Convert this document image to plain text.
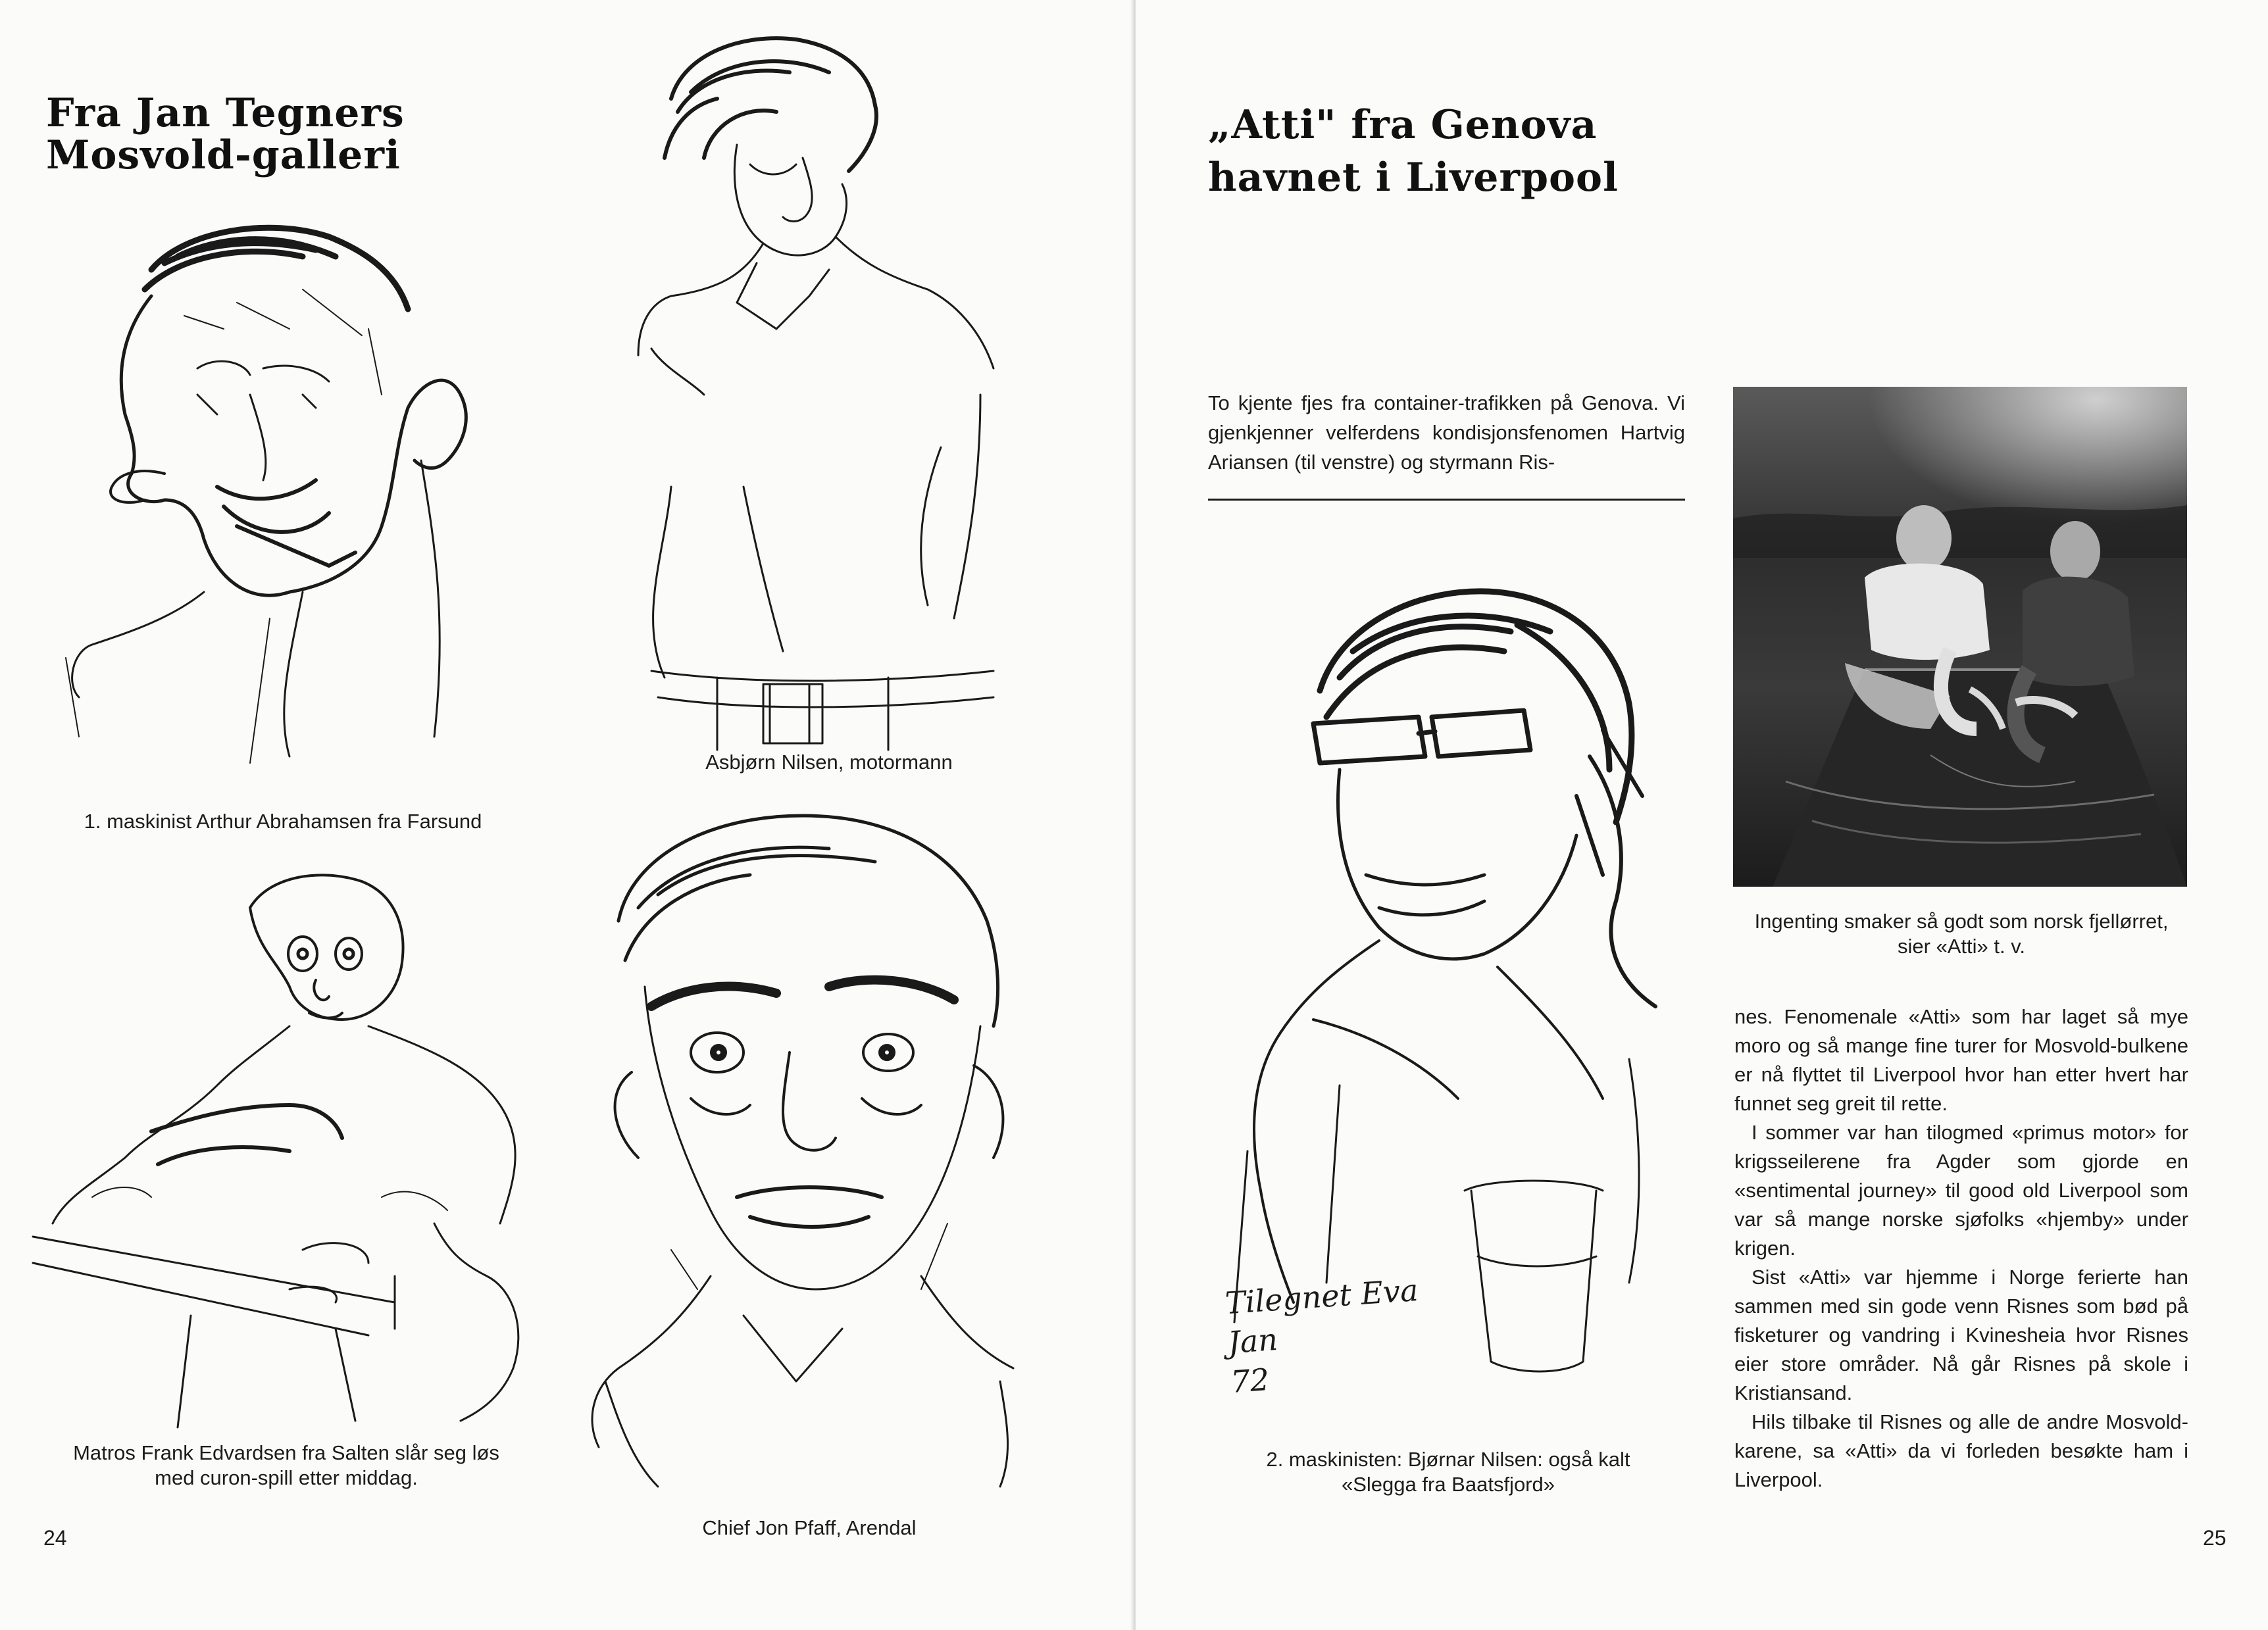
Fra Jan Tegners
Mosvold-galleri
1. maskinist Arthur Abrahamsen fra Farsund
Asbjørn Nilsen, motormann
Matros Frank Edvardsen fra Salten slår seg løs
med curon-spill etter middag.
Chief Jon Pfaff, Arendal
24
„Atti" fra Genova
havnet i Liverpool
To kjente fjes fra container-trafikken på Genova. Vi gjenkjenner velferdens kondisjonsfenomen Hartvig Ariansen (til venstre) og styrmann Ris-
Tilegnet Eva
Jan
72
2. maskinisten: Bjørnar Nilsen: også kalt
«Slegga fra Baatsfjord»
Ingenting smaker så godt som norsk fjellørret,
sier «Atti» t. v.

nes. Fenomenale «Atti» som har laget så mye moro og så mange fine turer for Mosvold-bulkene er nå flyttet til Liverpool hvor han etter hvert har funnet seg greit til rette.

I sommer var han tilogmed «primus motor» for krigsseilerene fra Agder som gjorde en «sentimental journey» til good old Liverpool som var så mange norske sjøfolks «hjemby» under krigen.

Sist «Atti» var hjemme i Norge ferierte han sammen med sin gode venn Risnes som bød på fisketurer og vandring i Kvinesheia hvor Risnes eier store områder. Nå går Risnes på skole i Kristiansand.

Hils tilbake til Risnes og alle de andre Mosvold-karene, sa «Atti» da vi forleden besøkte ham i Liverpool.

25
